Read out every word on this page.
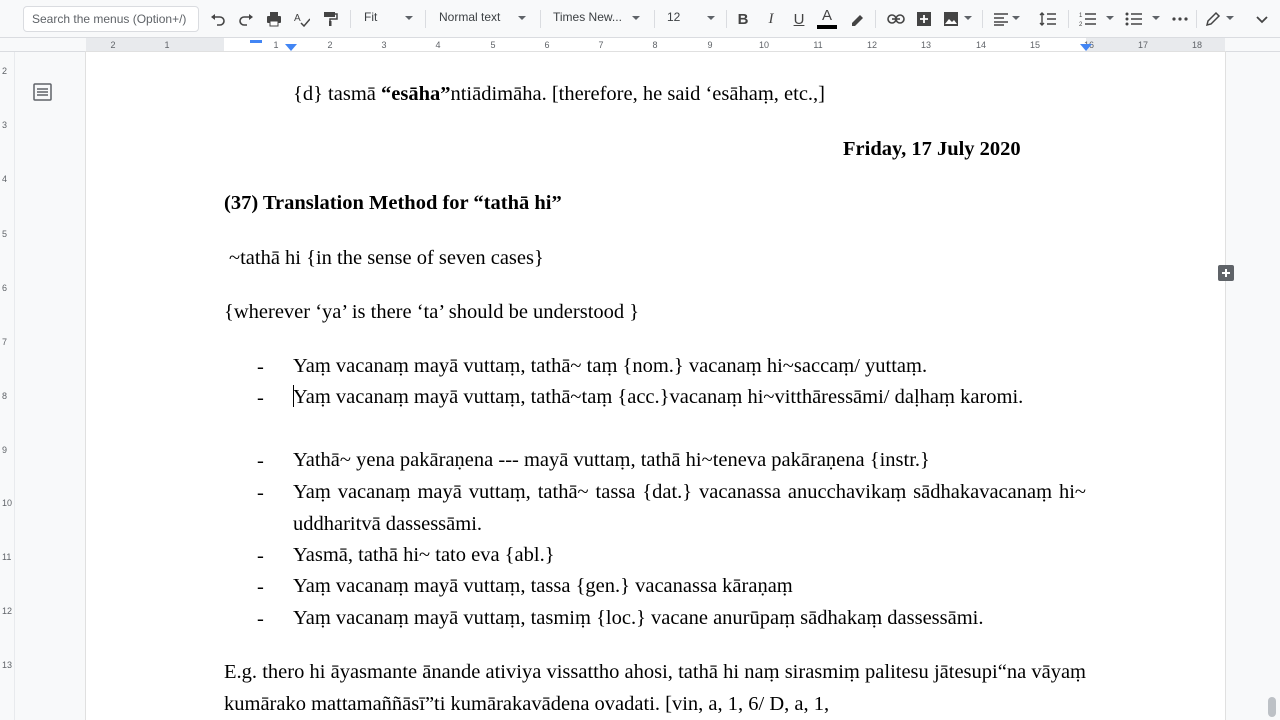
Search the menus (Option+/)	A	Fit	Normal text	Times New...	12	B I U A	1
2
2	1	1	2	3	4	5	6	7	8	9	10	11	12	13	14	15	16	17	18
2
3
4
5
6
7
8
9
10
11
12
13
{d} tasmā “esāha”ntiādimāha. [therefore, he said ‘esāhaṃ, etc.,]
Friday, 17 July 2020
(37) Translation Method for “tathā hi”
~tathā hi {in the sense of seven cases}
{wherever ‘ya’ is there ‘ta’ should be understood }
- Yaṃ vacanaṃ mayā vuttaṃ, tathā~ taṃ {nom.} vacanaṃ hi~saccaṃ/ yuttaṃ.
- Yaṃ vacanaṃ mayā vuttaṃ, tathā~taṃ {acc.}vacanaṃ hi~vitthāressāmi/ daḷhaṃ karomi.
- Yathā~ yena pakāraṇena --- mayā vuttaṃ, tathā hi~teneva pakāraṇena {instr.}
- Yaṃ vacanaṃ mayā vuttaṃ, tathā~ tassa {dat.} vacanassa anucchavikaṃ sādhakavacanaṃ hi~ uddharitvā dassessāmi.
- Yasmā, tathā hi~ tato eva {abl.}
- Yaṃ vacanaṃ mayā vuttaṃ, tassa {gen.} vacanassa kāraṇaṃ
- Yaṃ vacanaṃ mayā vuttaṃ, tasmiṃ {loc.} vacane anurūpaṃ sādhakaṃ dassessāmi.
E.g. thero hi āyasmante ānande ativiya vissattho ahosi, tathā hi naṃ sirasmiṃ palitesu jātesupi“na vāyaṃ kumārako mattamaññāsī”ti kumārakavādena ovadati. [vin, a, 1, 6/ D, a, 1,
